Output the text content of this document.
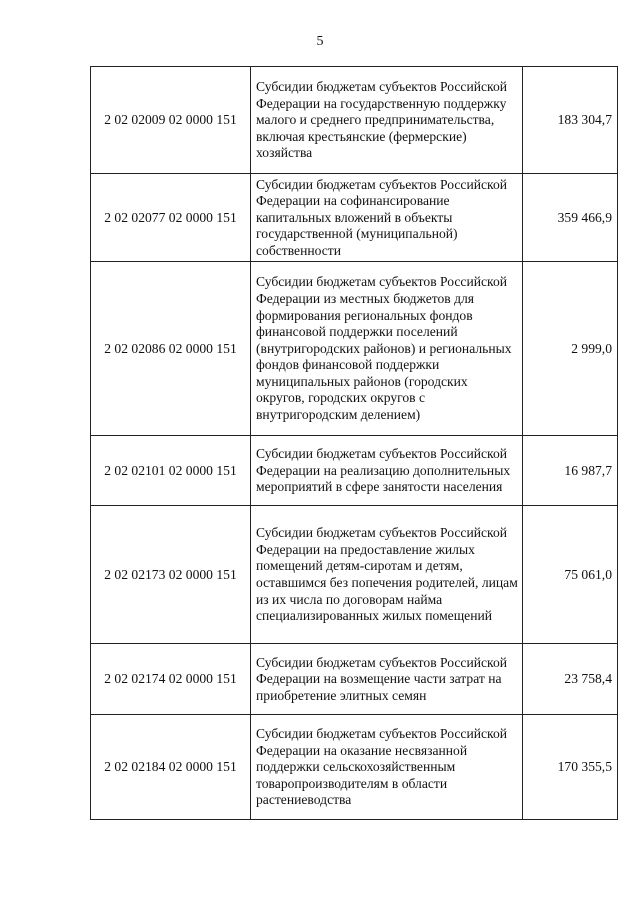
5
2 02 02009 02 0000 151	Субсидии бюджетам субъектов Российской Федерации на государственную поддержку малого и среднего предпринимательства, включая крестьянские (фермерские) хозяйства	183 304,7
2 02 02077 02 0000 151	Субсидии бюджетам субъектов Российской Федерации на софинансирование капитальных вложений в объекты государственной (муниципальной) собственности	359 466,9
2 02 02086 02 0000 151	Субсидии бюджетам субъектов Российской Федерации из местных бюджетов для формирования региональных фондов финансовой поддержки поселений (внутригородских районов) и региональных фондов финансовой поддержки муниципальных районов (городских округов, городских округов с внутригородским делением)	2 999,0
2 02 02101 02 0000 151	Субсидии бюджетам субъектов Российской Федерации на реализацию дополнительных мероприятий в сфере занятости населения	16 987,7
2 02 02173 02 0000 151	Субсидии бюджетам субъектов Российской Федерации на предоставление жилых помещений детям-сиротам и детям, оставшимся без попечения родителей, лицам из их числа по договорам найма специализированных жилых помещений	75 061,0
2 02 02174 02 0000 151	Субсидии бюджетам субъектов Российской Федерации на возмещение части затрат на приобретение элитных семян	23 758,4
2 02 02184 02 0000 151	Субсидии бюджетам субъектов Российской Федерации на оказание несвязанной поддержки сельскохозяйственным товаропроизводителям в области растениеводства	170 355,5
